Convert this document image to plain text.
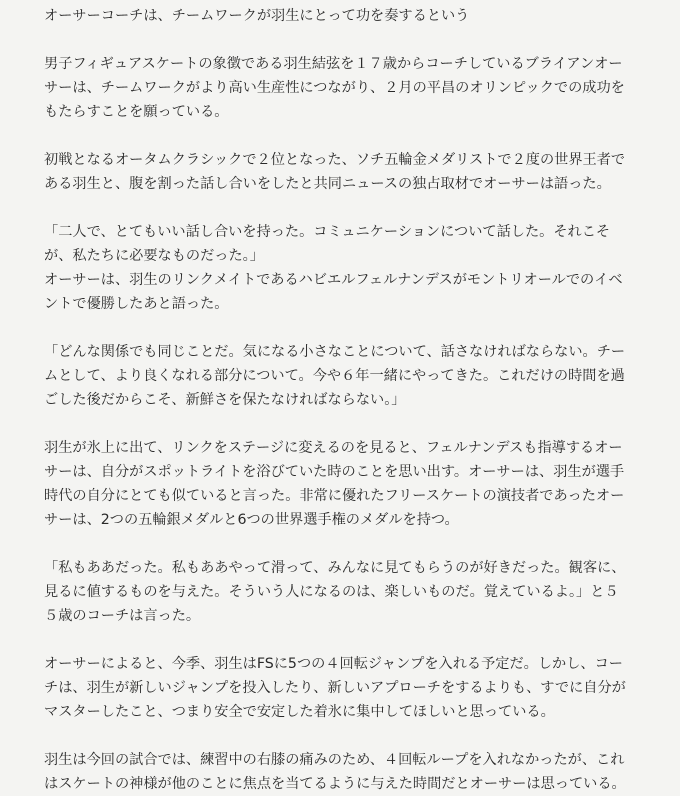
オーサーコーチは、チームワークが羽生にとって功を奏するという
男子フィギュアスケートの象徴である羽生結弦を１７歳からコーチしているブライアンオー
サーは、チームワークがより高い生産性につながり、２月の平昌のオリンピックでの成功を
もたらすことを願っている。
初戦となるオータムクラシックで２位となった、ソチ五輪金メダリストで２度の世界王者で
ある羽生と、腹を割った話し合いをしたと共同ニュースの独占取材でオーサーは語った。
「二人で、とてもいい話し合いを持った。コミュニケーションについて話した。それこそ
が、私たちに必要なものだった。」
オーサーは、羽生のリンクメイトであるハビエルフェルナンデスがモントリオールでのイベ
ントで優勝したあと語った。
「どんな関係でも同じことだ。気になる小さなことについて、話さなければならない。チー
ムとして、より良くなれる部分について。今や６年一緒にやってきた。これだけの時間を過
ごした後だからこそ、新鮮さを保たなければならない。」
羽生が氷上に出て、リンクをステージに変えるのを見ると、フェルナンデスも指導するオー
サーは、自分がスポットライトを浴びていた時のことを思い出す。オーサーは、羽生が選手
時代の自分にとても似ていると言った。非常に優れたフリースケートの演技者であったオー
サーは、2つの五輪銀メダルと6つの世界選手権のメダルを持つ。
「私もああだった。私もああやって滑って、みんなに見てもらうのが好きだった。観客に、
見るに値するものを与えた。そういう人になるのは、楽しいものだ。覚えているよ。」と５
５歳のコーチは言った。
オーサーによると、今季、羽生はFSに5つの４回転ジャンプを入れる予定だ。しかし、コー
チは、羽生が新しいジャンプを投入したり、新しいアプローチをするよりも、すでに自分が
マスターしたこと、つまり安全で安定した着氷に集中してほしいと思っている。
羽生は今回の試合では、練習中の右膝の痛みのため、４回転ループを入れなかったが、これ
はスケートの神様が他のことに焦点を当てるように与えた時間だとオーサーは思っている。
